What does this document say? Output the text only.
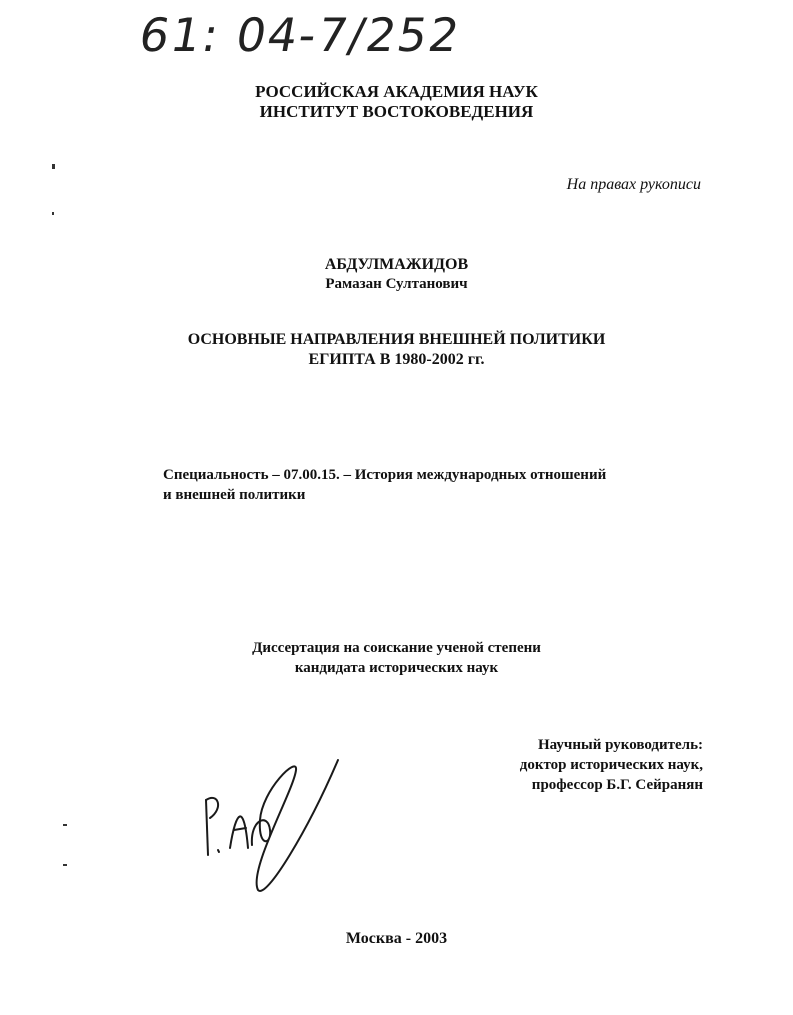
61: 04-7/252

РОССИЙСКАЯ АКАДЕМИЯ НАУК

ИНСТИТУТ ВОСТОКОВЕДЕНИЯ

На правах рукописи

АБДУЛМАЖИДОВ

Рамазан Султанович

ОСНОВНЫЕ НАПРАВЛЕНИЯ ВНЕШНЕЙ ПОЛИТИКИ

ЕГИПТА В 1980-2002 гг.

Специальность – 07.00.15. – История международных отношений

и внешней политики

Диссертация на соискание ученой степени

кандидата исторических наук

Научный руководитель:

доктор исторических наук,

профессор Б.Г. Сейранян

Москва - 2003
